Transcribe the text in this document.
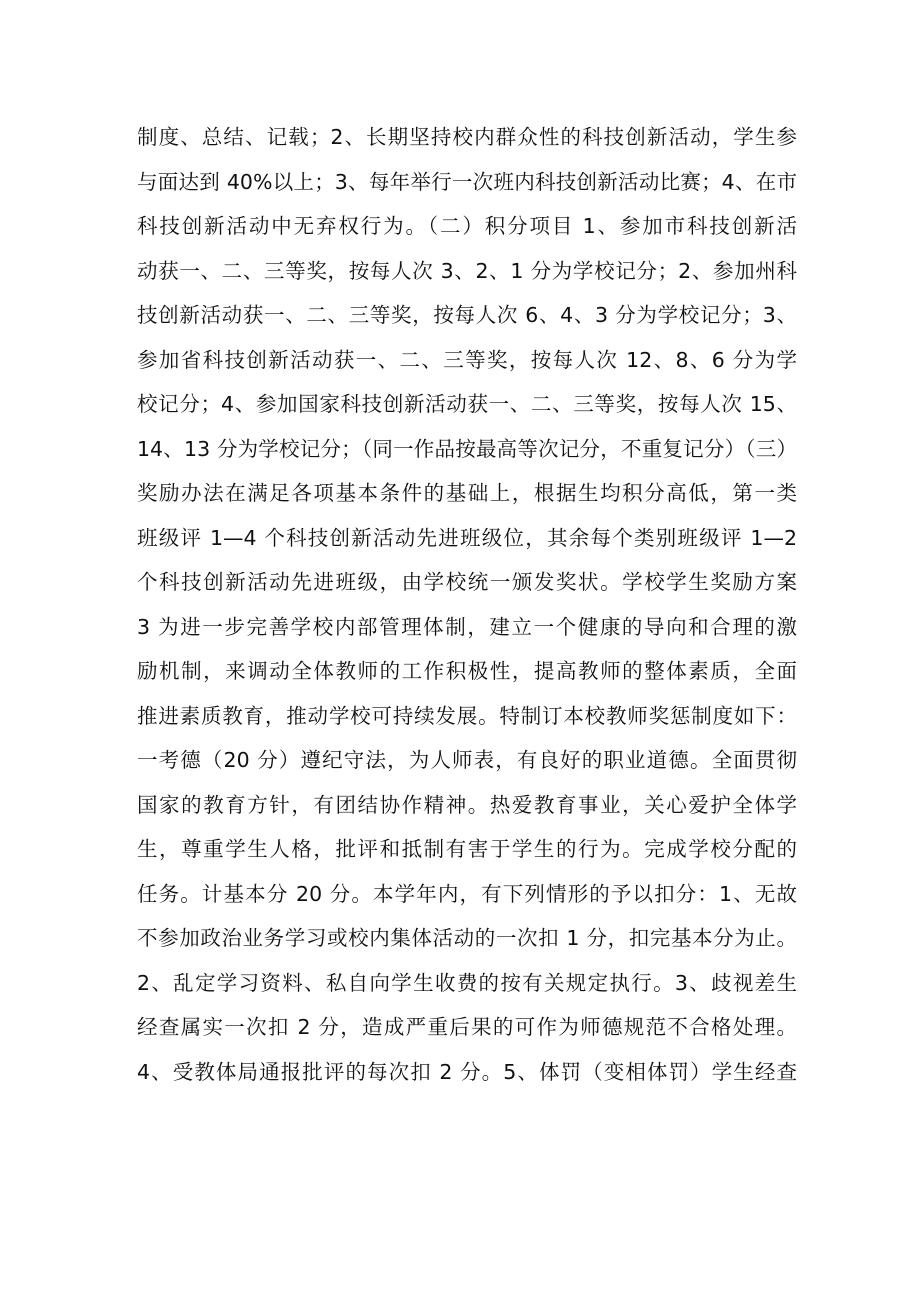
制度、总结、记载；2、长期坚持校内群众性的科技创新活动，学生参
与面达到 40%以上；3、每年举行一次班内科技创新活动比赛；4、在市
科技创新活动中无弃权行为。（二）积分项目 1、参加市科技创新活
动获一、二、三等奖，按每人次 3、2、1 分为学校记分；2、参加州科
技创新活动获一、二、三等奖，按每人次 6、4、3 分为学校记分；3、
参加省科技创新活动获一、二、三等奖，按每人次 12、8、6 分为学
校记分；4、参加国家科技创新活动获一、二、三等奖，按每人次 15、
14、13 分为学校记分；（同一作品按最高等次记分，不重复记分）（三）
奖励办法在满足各项基本条件的基础上，根据生均积分高低，第一类
班级评 1—4 个科技创新活动先进班级位，其余每个类别班级评 1—2
个科技创新活动先进班级，由学校统一颁发奖状。学校学生奖励方案
3 为进一步完善学校内部管理体制，建立一个健康的导向和合理的激
励机制，来调动全体教师的工作积极性，提高教师的整体素质，全面
推进素质教育，推动学校可持续发展。特制订本校教师奖惩制度如下：
一考德（20 分）遵纪守法，为人师表，有良好的职业道德。全面贯彻
国家的教育方针，有团结协作精神。热爱教育事业，关心爱护全体学
生，尊重学生人格，批评和抵制有害于学生的行为。完成学校分配的
任务。计基本分 20 分。本学年内，有下列情形的予以扣分：1、无故
不参加政治业务学习或校内集体活动的一次扣 1 分，扣完基本分为止。
2、乱定学习资料、私自向学生收费的按有关规定执行。3、歧视差生
经查属实一次扣 2 分，造成严重后果的可作为师德规范不合格处理。
4、受教体局通报批评的每次扣 2 分。5、体罚（变相体罚）学生经查
